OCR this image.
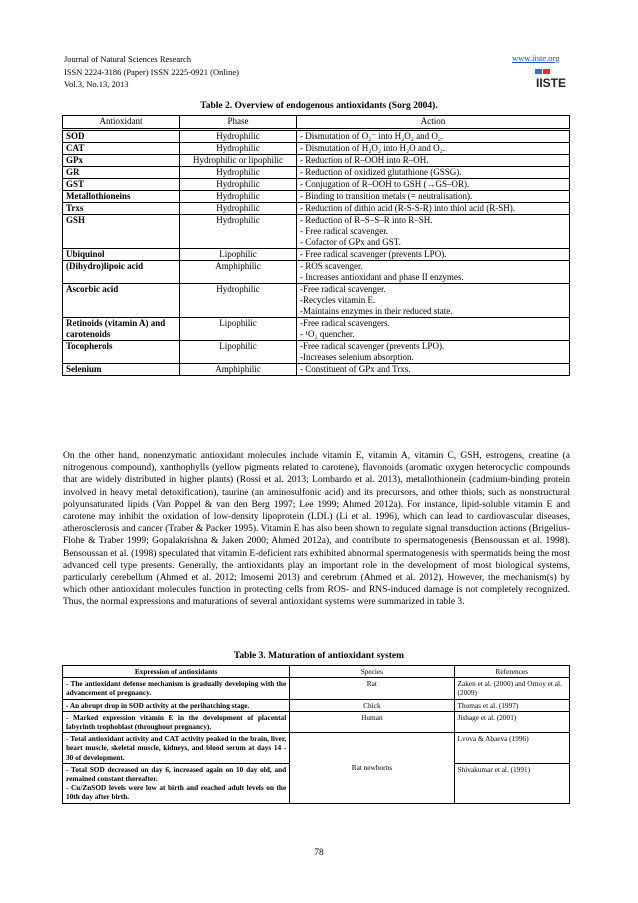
Journal of Natural Sciences Research
ISSN 2224-3186 (Paper) ISSN 2225-0921 (Online)
Vol.3, No.13, 2013
www.iiste.org
IISTE
Table 2. Overview of endogenous antioxidants (Sorg 2004).
Antioxidant	Phase	Action
SOD	Hydrophilic	- Dismutation of O₂⁻ into H₂O₂ and O₂.
CAT	Hydrophilic	- Dismutation of H₂O₂ into H₂O and O₂.
GPx	Hydrophilic or lipophilic	- Reduction of R–OOH into R–OH.
GR	Hydrophilic	- Reduction of oxidized glutathione (GSSG).
GST	Hydrophilic	- Conjugation of R–OOH to GSH (→GS–OR).
Metallothioneins	Hydrophilic	- Binding to transition metals (= neutralisation).
Trxs	Hydrophilic	- Reduction of dithio acid (R-S-S-R) into thiol acid (R-SH).
GSH	Hydrophilic	- Reduction of R–S–S–R into R–SH.
- Free radical scavenger.
- Cofactor of GPx and GST.
Ubiquinol	Lipophilic	- Free radical scavenger (prevents LPO).
(Dihydro)lipoic acid	Amphiphilic	- ROS scavenger.
- Increases antioxidant and phase II enzymes.
Ascorbic acid	Hydrophilic	-Free radical scavenger.
-Recycles vitamin E.
-Maintains enzymes in their reduced state.
Retinoids (vitamin A) and carotenoids	Lipophilic	-Free radical scavengers.
- ¹O₂ quencher.
Tocopherols	Lipophilic	-Free radical scavenger (prevents LPO).
-Increases selenium absorption.
Selenium	Amphiphilic	- Constituent of GPx and Trxs.
On the other hand, nonenzymatic antioxidant molecules include vitamin E, vitamin A, vitamin C, GSH, estrogens, creatine (a nitrogenous compound), xanthophylls (yellow pigments related to carotene), flavonoids (aromatic oxygen heterocyclic compounds that are widely distributed in higher plants) (Rossi et al. 2013; Lombardo et al. 2013), metallothionein (cadmium-binding protein involved in heavy metal detoxification), taurine (an aminosulfonic acid) and its precursors, and other thiols, such as nonstructural polyunsaturated lipids (Van Poppel & van den Berg 1997; Lee 1999; Ahmed 2012a). For instance, lipid-soluble vitamin E and carotene may inhibit the oxidation of low-density lipoprotein (LDL) (Li et al. 1996), which can lead to cardiovascular diseases, atherosclerosis and cancer (Traber & Packer 1995). Vitamin E has also been shown to regulate signal transduction actions (Brigelius-Flohe & Traber 1999; Gopalakrishna & Jaken 2000; Ahmed 2012a), and contribute to spermatogenesis (Bensoussan et al. 1998). Bensoussan et al. (1998) speculated that vitamin E-deficient rats exhibited abnormal spermatogenesis with spermatids being the most advanced cell type presents. Generally, the antioxidants play an important role in the development of most biological systems, particularly cerebellum (Ahmed et al. 2012; Imosemi 2013) and cerebrum (Ahmed et al. 2012). However, the mechanism(s) by which other antioxidant molecules function in protecting cells from ROS- and RNS-induced damage is not completely recognized. Thus, the normal expressions and maturations of several antioxidant systems were summarized in table 3.
Table 3. Maturation of antioxidant system
Expression of antioxidants	Species	References
- The antioxidant defense mechanism is gradually developing with the advancement of pregnancy.	Rat	Zaken et al. (2000) and Ornoy et al. (2009)
- An abrupt drop in SOD activity at the perihatching stage.	Chick	Thomas et al. (1997)
- Marked expression vitamin E in the development of placental labyrinth trophoblast (throughout pregnancy).	Human	Jishage et al. (2001)
- Total antioxidant activity and CAT activity peaked in the brain, liver, heart muscle, skeletal muscle, kidneys, and blood serum at days 14 - 30 of development.	Rat newborns	Lvova & Abaeva (1996)
- Total SOD decreased on day 6, increased again on 10 day old, and remained constant thereafter.
- Cu/ZnSOD levels were low at birth and reached adult levels on the 10th day after birth.		Shivakumar et al. (1991)
78
